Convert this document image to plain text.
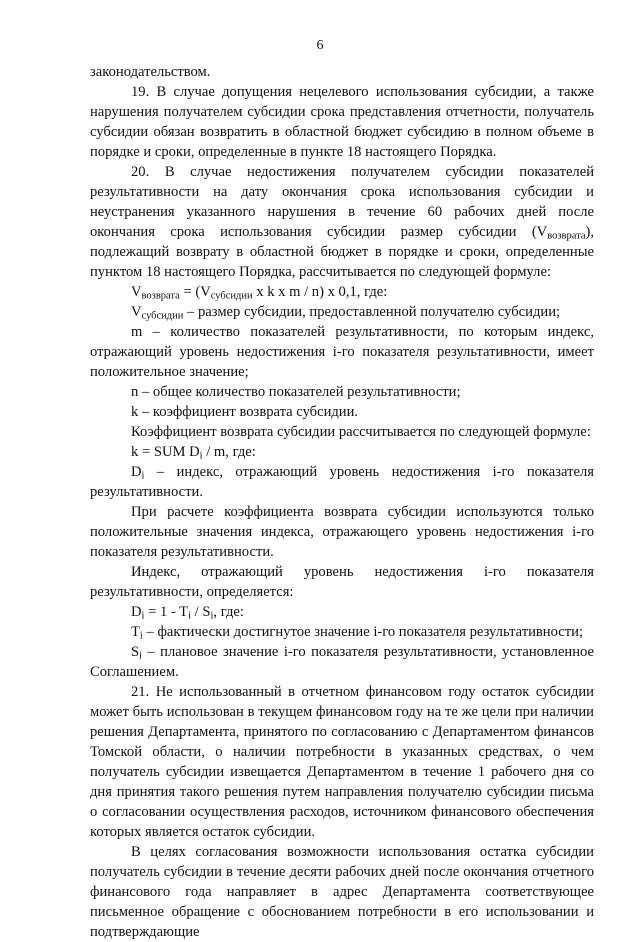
6

законодательством.

19. В случае допущения нецелевого использования субсидии, а также нарушения получателем субсидии срока представления отчетности, получатель субсидии обязан возвратить в областной бюджет субсидию в полном объеме в порядке и сроки, определенные в пункте 18 настоящего Порядка.

20. В случае недостижения получателем субсидии показателей результативности на дату окончания срока использования субсидии и неустранения указанного нарушения в течение 60 рабочих дней после окончания срока использования субсидии размер субсидии $(V_{возврата})$, подлежащий возврату в областной бюджет в порядке и сроки, определенные пунктом 18 настоящего Порядка, рассчитывается по следующей формуле:

$V_{возврата} = (V_{субсидии}$ x k x m / n) x 0,1, где:

$V_{субсидии}$ – размер субсидии, предоставленной получателю субсидии;

m – количество показателей результативности, по которым индекс, отражающий уровень недостижения i-го показателя результативности, имеет положительное значение;

n – общее количество показателей результативности;

k – коэффициент возврата субсидии.

Коэффициент возврата субсидии рассчитывается по следующей формуле:

k = SUM $D_i$ / m, где:

$D_i$ – индекс, отражающий уровень недостижения i-го показателя результативности.

При расчете коэффициента возврата субсидии используются только положительные значения индекса, отражающего уровень недостижения i-го показателя результативности.

Индекс, отражающий уровень недостижения i-го показателя результативности, определяется:

$D_i = 1 - T_i / S_i$, где:

$T_i$ – фактически достигнутое значение i-го показателя результативности;

$S_i$ – плановое значение i-го показателя результативности, установленное Соглашением.

21. Не использованный в отчетном финансовом году остаток субсидии может быть использован в текущем финансовом году на те же цели при наличии решения Департамента, принятого по согласованию с Департаментом финансов Томской области, о наличии потребности в указанных средствах, о чем получатель субсидии извещается Департаментом в течение 1 рабочего дня со дня принятия такого решения путем направления получателю субсидии письма о согласовании осуществления расходов, источником финансового обеспечения которых является остаток субсидии.

В целях согласования возможности использования остатка субсидии получатель субсидии в течение десяти рабочих дней после окончания отчетного финансового года направляет в адрес Департамента соответствующее письменное обращение с обоснованием потребности в его использовании и подтверждающие
